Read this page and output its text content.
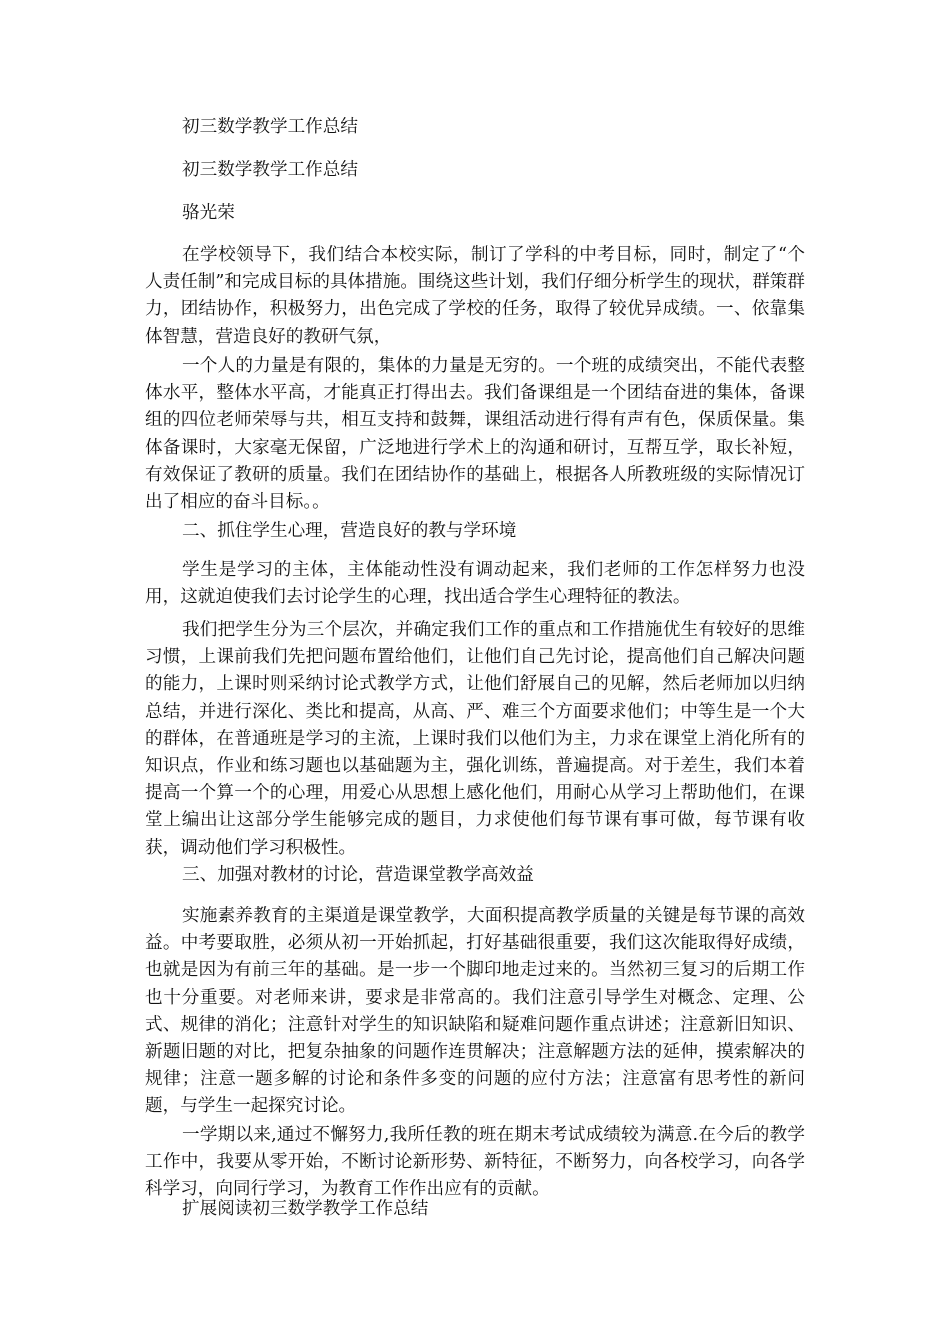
初三数学教学工作总结

初三数学教学工作总结

骆光荣

在学校领导下，我们结合本校实际，制订了学科的中考目标，同时，制定了“个人责任制”和完成目标的具体措施。围绕这些计划，我们仔细分析学生的现状，群策群力，团结协作，积极努力，出色完成了学校的任务，取得了较优异成绩。一、依靠集体智慧，营造良好的教研气氛，

一个人的力量是有限的，集体的力量是无穷的。一个班的成绩突出，不能代表整体水平，整体水平高，才能真正打得出去。我们备课组是一个团结奋进的集体，备课组的四位老师荣辱与共，相互支持和鼓舞，课组活动进行得有声有色，保质保量。集体备课时，大家毫无保留，广泛地进行学术上的沟通和研讨，互帮互学，取长补短，有效保证了教研的质量。我们在团结协作的基础上，根据各人所教班级的实际情况订出了相应的奋斗目标。。

二、抓住学生心理，营造良好的教与学环境

学生是学习的主体，主体能动性没有调动起来，我们老师的工作怎样努力也没用，这就迫使我们去讨论学生的心理，找出适合学生心理特征的教法。

我们把学生分为三个层次，并确定我们工作的重点和工作措施优生有较好的思维习惯，上课前我们先把问题布置给他们，让他们自己先讨论，提高他们自己解决问题的能力，上课时则采纳讨论式教学方式，让他们舒展自己的见解，然后老师加以归纳总结，并进行深化、类比和提高，从高、严、难三个方面要求他们；中等生是一个大的群体，在普通班是学习的主流，上课时我们以他们为主，力求在课堂上消化所有的知识点，作业和练习题也以基础题为主，强化训练，普遍提高。对于差生，我们本着提高一个算一个的心理，用爱心从思想上感化他们，用耐心从学习上帮助他们，在课堂上编出让这部分学生能够完成的题目，力求使他们每节课有事可做，每节课有收获，调动他们学习积极性。

三、加强对教材的讨论，营造课堂教学高效益

实施素养教育的主渠道是课堂教学，大面积提高教学质量的关键是每节课的高效益。中考要取胜，必须从初一开始抓起，打好基础很重要，我们这次能取得好成绩，也就是因为有前三年的基础。是一步一个脚印地走过来的。当然初三复习的后期工作也十分重要。对老师来讲，要求是非常高的。我们注意引导学生对概念、定理、公式、规律的消化；注意针对学生的知识缺陷和疑难问题作重点讲述；注意新旧知识、新题旧题的对比，把复杂抽象的问题作连贯解决；注意解题方法的延伸，摸索解决的规律；注意一题多解的讨论和条件多变的问题的应付方法；注意富有思考性的新问题，与学生一起探究讨论。

一学期以来,通过不懈努力,我所任教的班在期末考试成绩较为满意.在今后的教学工作中，我要从零开始，不断讨论新形势、新特征，不断努力，向各校学习，向各学科学习，向同行学习，为教育工作作出应有的贡献。

扩展阅读初三数学教学工作总结
